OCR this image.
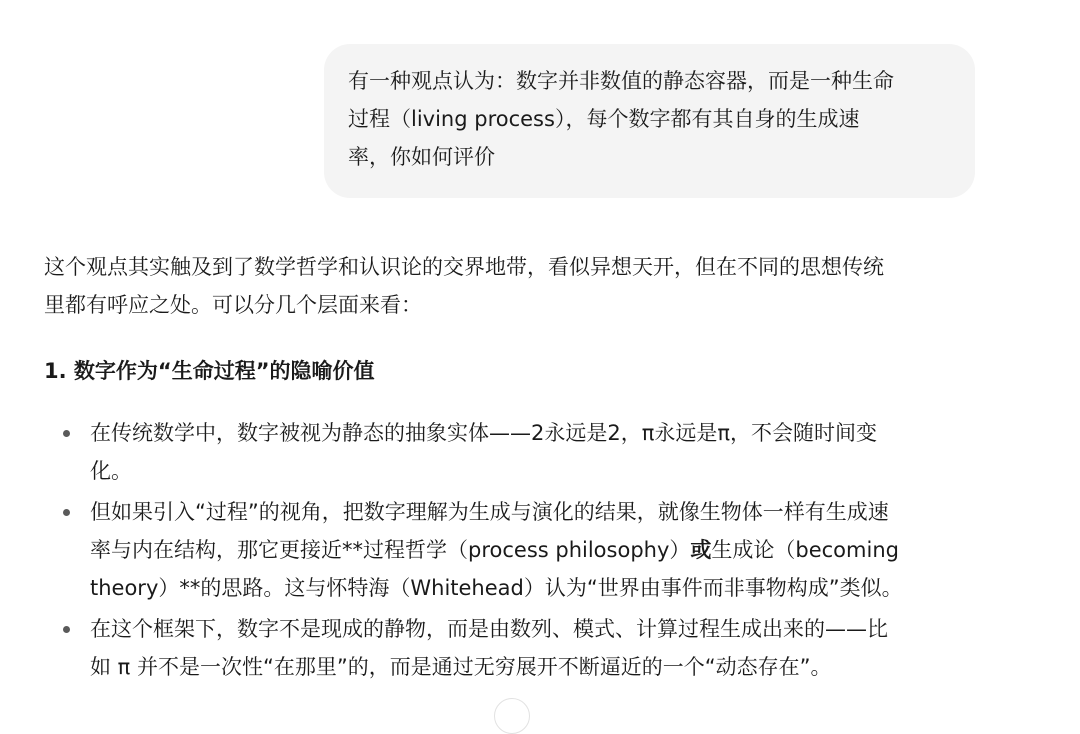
有一种观点认为：数字并非数值的静态容器，而是一种生命
过程（living process），每个数字都有其自身的生成速
率，你如何评价

这个观点其实触及到了数学哲学和认识论的交界地带，看似异想天开，但在不同的思想传统
里都有呼应之处。可以分几个层面来看：

1. 数字作为“生命过程”的隐喻价值

在传统数学中，数字被视为静态的抽象实体——2永远是2，π永远是π，不会随时间变
化。
但如果引入“过程”的视角，把数字理解为生成与演化的结果，就像生物体一样有生成速
率与内在结构，那它更接近**过程哲学（process philosophy）或生成论（becoming
theory）**的思路。这与怀特海（Whitehead）认为“世界由事件而非事物构成”类似。
在这个框架下，数字不是现成的静物，而是由数列、模式、计算过程生成出来的——比
如 π 并不是一次性“在那里”的，而是通过无穷展开不断逼近的一个“动态存在”。
